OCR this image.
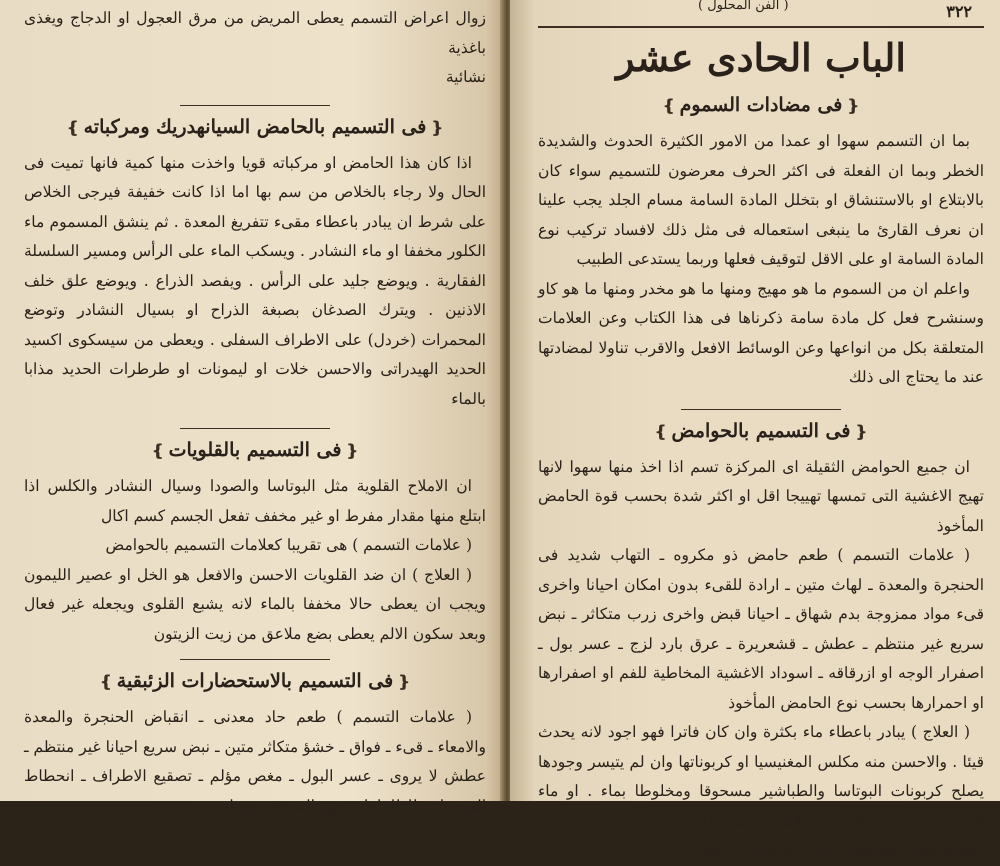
زوال اعراض التسمم يعطى المريض من مرق العجول او الدجاج ويغذى باغذية

نشائية

❴فى التسميم بالحامض السيانهدريك ومركباته❵

اذا كان هذا الحامض او مركباته قويا واخذت منها كمية فانها تميت فى الحال ولا رجاء بالخلاص من سم بها اما اذا كانت خفيفة فيرجى الخلاص على شرط ان يبادر باعطاء مقىء تتفريغ المعدة . ثم ينشق المسموم ماء الكلور مخففا او ماء النشادر . ويسكب الماء على الرأس ومسير السلسلة الفقارية . ويوضع جليد على الرأس . ويفصد الذراع . ويوضع علق خلف الاذنين . ويترك الصدغان بصبغة الذراح او بسيال النشادر وتوضع المحمرات (خردل) على الاطراف السفلى . ويعطى من سيسكوى اكسيد الحديد الهيدراتى والاحسن خلات او ليمونات او طرطرات الحديد مذابا بالماء

❴فى التسميم بالقلويات❵

ان الاملاح القلوية مثل البوتاسا والصودا وسيال النشادر والكلس اذا ابتلع منها مقدار مفرط او غير مخفف تفعل الجسم كسم اكال

( علامات التسمم ) هى تقريبا كعلامات التسميم بالحوامض

( العلاج ) ان ضد القلويات الاحسن والافعل هو الخل او عصير الليمون ويجب ان يعطى حالا مخففا بالماء لانه يشبع القلوى ويجعله غير فعال وبعد سكون الالم يعطى بضع ملاعق من زيت الزيتون

❴فى التسميم بالاستحضارات الزئبقية❵

( علامات التسمم ) طعم حاد معدنى ـ انقباض الحنجرة والمعدة والامعاء ـ قىء ـ فواق ـ خشؤ متكاثر متين ـ نبض سريع احيانا غير منتظم ـ عطش لا يروى ـ عسر البول ـ مغص مؤلم ـ تصقيع الاطراف ـ انحطاط القوى انحطاطا تاما ـ تغيير السحنة ـ هذيان

٣٢٢
( الفن المحلول )
الباب الحادى عشر
❴فى مضادات السموم❵

بما ان التسمم سهوا او عمدا من الامور الكثيرة الحدوث والشديدة الخطر وبما ان الفعلة فى اكثر الحرف معرضون للتسميم سواء كان بالابتلاع او بالاستنشاق او بتخلل المادة السامة مسام الجلد يجب علينا ان نعرف القارئ ما ينبغى استعماله فى مثل ذلك لافساد تركيب نوع المادة السامة او على الاقل لتوقيف فعلها وربما يستدعى الطبيب

واعلم ان من السموم ما هو مهيج ومنها ما هو مخدر ومنها ما هو كاو وسنشرح فعل كل مادة سامة ذكرناها فى هذا الكتاب وعن العلامات المتعلقة بكل من انواعها وعن الوسائط الافعل والاقرب تناولا لمضادتها عند ما يحتاج الى ذلك

❴فى التسميم بالحوامض❵

ان جميع الحوامض الثقيلة اى المركزة تسم اذا اخذ منها سهوا لانها تهيج الاغشية التى تمسها تهييجا اقل او اكثر شدة بحسب قوة الحامض المأخوذ

( علامات التسمم ) طعم حامض ذو مكروه ـ التهاب شديد فى الحنجرة والمعدة ـ لهاث متين ـ ارادة للقىء بدون امكان احيانا واخرى قىء مواد ممزوجة بدم شهاق ـ احيانا قبض واخرى زرب متكاثر ـ نبض سريع غير منتظم ـ عطش ـ قشعريرة ـ عرق بارد لزج ـ عسر بول ـ اصفرار الوجه او ازرقاقه ـ اسوداد الاغشية المخاطية للفم او اصفرارها او احمرارها بحسب نوع الحامض المأخوذ

( العلاج ) يبادر باعطاء ماء بكثرة وان كان فاترا فهو اجود لانه يحدث قيئا . والاحسن منه مكلس المغنيسيا او كربوناتها وان لم يتيسر وجودها يصلح كربونات البوتاسا والطباشير مسحوقا ومخلوطا بماء . او ماء الصابون او بياض البيض او قشره مسحوقا اذا لم يوجد ما ذكرناه . والغاية اشباع الحامض باسرع ما يمكن . وبعد
